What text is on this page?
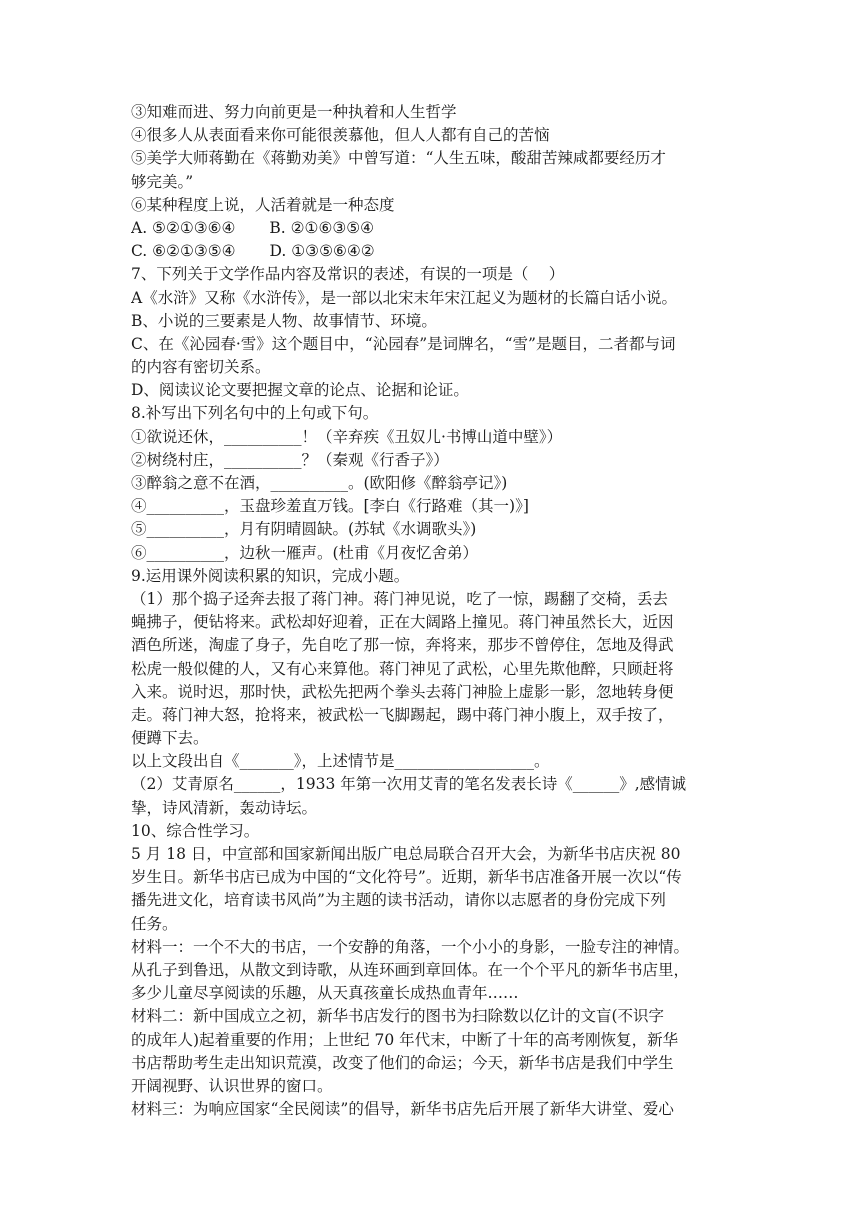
③知难而进、努力向前更是一种执着和人生哲学
④很多人从表面看来你可能很羡慕他，但人人都有自己的苦恼
⑤美学大师蒋勤在《蒋勤劝美》中曾写道：“人生五味，酸甜苦辣咸都要经历才
够完美。”
⑥某种程度上说，人活着就是一种态度
A. ⑤②①③⑥④ B. ②①⑥③⑤④
C. ⑥②①③⑤④ D. ①③⑤⑥④②
7、下列关于文学作品内容及常识的表述，有误的一项是（　 ）
A《水浒》又称《水浒传》，是一部以北宋末年宋江起义为题材的长篇白话小说。
B、小说的三要素是人物、故事情节、环境。
C、在《沁园春·雪》这个题目中，“沁园春”是词牌名，“雪”是题目，二者都与词
的内容有密切关系。
D、阅读议论文要把握文章的论点、论据和论证。
8.补写出下列名句中的上句或下句。
①欲说还休，__________！（辛弃疾《丑奴儿·书博山道中壁》）
②树绕村庄，__________？（秦观《行香子》）
③醉翁之意不在酒，__________。(欧阳修《醉翁亭记》)
④__________，玉盘珍羞直万钱。[李白《行路难（其一)》]
⑤__________，月有阴晴圆缺。(苏轼《水调歌头》)
⑥__________，边秋一雁声。(杜甫《月夜忆舍弟）
9.运用课外阅读积累的知识，完成小题。
（1）那个捣子迳奔去报了蒋门神。蒋门神见说，吃了一惊，踢翻了交椅，丢去
蝇拂子，便钻将来。武松却好迎着，正在大阔路上撞见。蒋门神虽然长大，近因
酒色所迷，淘虚了身子，先自吃了那一惊，奔将来，那步不曾停住，怎地及得武
松虎一般似健的人，又有心来算他。蒋门神见了武松，心里先欺他醉，只顾赶将
入来。说时迟，那时快，武松先把两个拳头去蒋门神脸上虚影一影，忽地转身便
走。蒋门神大怒，抢将来，被武松一飞脚踢起，踢中蒋门神小腹上，双手按了，
便蹲下去。
以上文段出自《_______》，上述情节是__________________。
（2）艾青原名______，1933 年第一次用艾青的笔名发表长诗《______》,感情诚
挚，诗风清新，轰动诗坛。
10、综合性学习。
5 月 18 日，中宣部和国家新闻出版广电总局联合召开大会，为新华书店庆祝 80
岁生日。新华书店已成为中国的“文化符号”。近期，新华书店准备开展一次以“传
播先进文化，培育读书风尚”为主题的读书活动，请你以志愿者的身份完成下列
任务。
材料一：一个不大的书店，一个安静的角落，一个小小的身影，一脸专注的神情。
从孔子到鲁迅，从散文到诗歌，从连环画到章回体。在一个个平凡的新华书店里，
多少儿童尽享阅读的乐趣，从天真孩童长成热血青年……
材料二：新中国成立之初，新华书店发行的图书为扫除数以亿计的文盲(不识字
的成年人)起着重要的作用；上世纪 70 年代末，中断了十年的高考刚恢复，新华
书店帮助考生走出知识荒漠，改变了他们的命运；今天，新华书店是我们中学生
开阔视野、认识世界的窗口。
材料三：为响应国家“全民阅读”的倡导，新华书店先后开展了新华大讲堂、爱心
